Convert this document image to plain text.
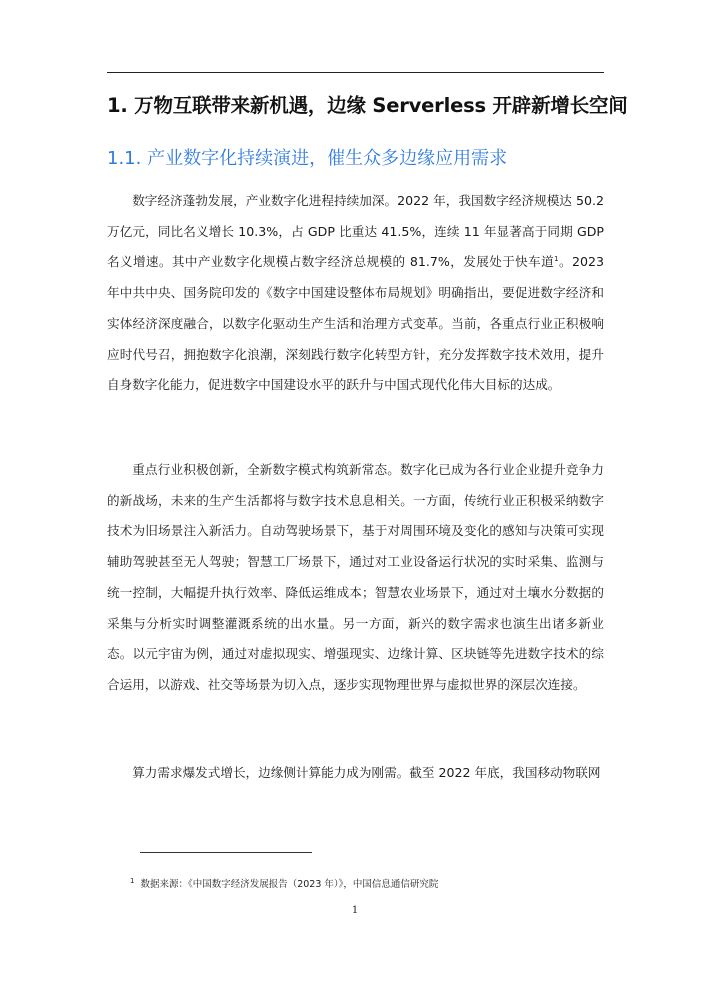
1. 万物互联带来新机遇，边缘 Serverless 开辟新增长空间
1.1. 产业数字化持续演进，催生众多边缘应用需求

数字经济蓬勃发展，产业数字化进程持续加深。2022 年，我国数字经济规模达 50.2 万亿元，同比名义增长 10.3%，占 GDP 比重达 41.5%，连续 11 年显著高于同期 GDP 名义增速。其中产业数字化规模占数字经济总规模的 81.7%，发展处于快车道$^1$。2023 年中共中央、国务院印发的《数字中国建设整体布局规划》明确指出，要促进数字经济和实体经济深度融合，以数字化驱动生产生活和治理方式变革。当前，各重点行业正积极响应时代号召，拥抱数字化浪潮，深刻践行数字化转型方针，充分发挥数字技术效用，提升自身数字化能力，促进数字中国建设水平的跃升与中国式现代化伟大目标的达成。

重点行业积极创新，全新数字模式构筑新常态。数字化已成为各行业企业提升竞争力的新战场，未来的生产生活都将与数字技术息息相关。一方面，传统行业正积极采纳数字技术为旧场景注入新活力。自动驾驶场景下，基于对周围环境及变化的感知与决策可实现辅助驾驶甚至无人驾驶；智慧工厂场景下，通过对工业设备运行状况的实时采集、监测与统一控制，大幅提升执行效率、降低运维成本；智慧农业场景下，通过对土壤水分数据的采集与分析实时调整灌溉系统的出水量。另一方面，新兴的数字需求也演生出诸多新业态。以元宇宙为例，通过对虚拟现实、增强现实、边缘计算、区块链等先进数字技术的综合运用，以游戏、社交等场景为切入点，逐步实现物理世界与虚拟世界的深层次连接。

算力需求爆发式增长，边缘侧计算能力成为刚需。截至 2022 年底，我国移动物联网

$^1$ 数据来源：《中国数字经济发展报告（2023 年）》，中国信息通信研究院
1
